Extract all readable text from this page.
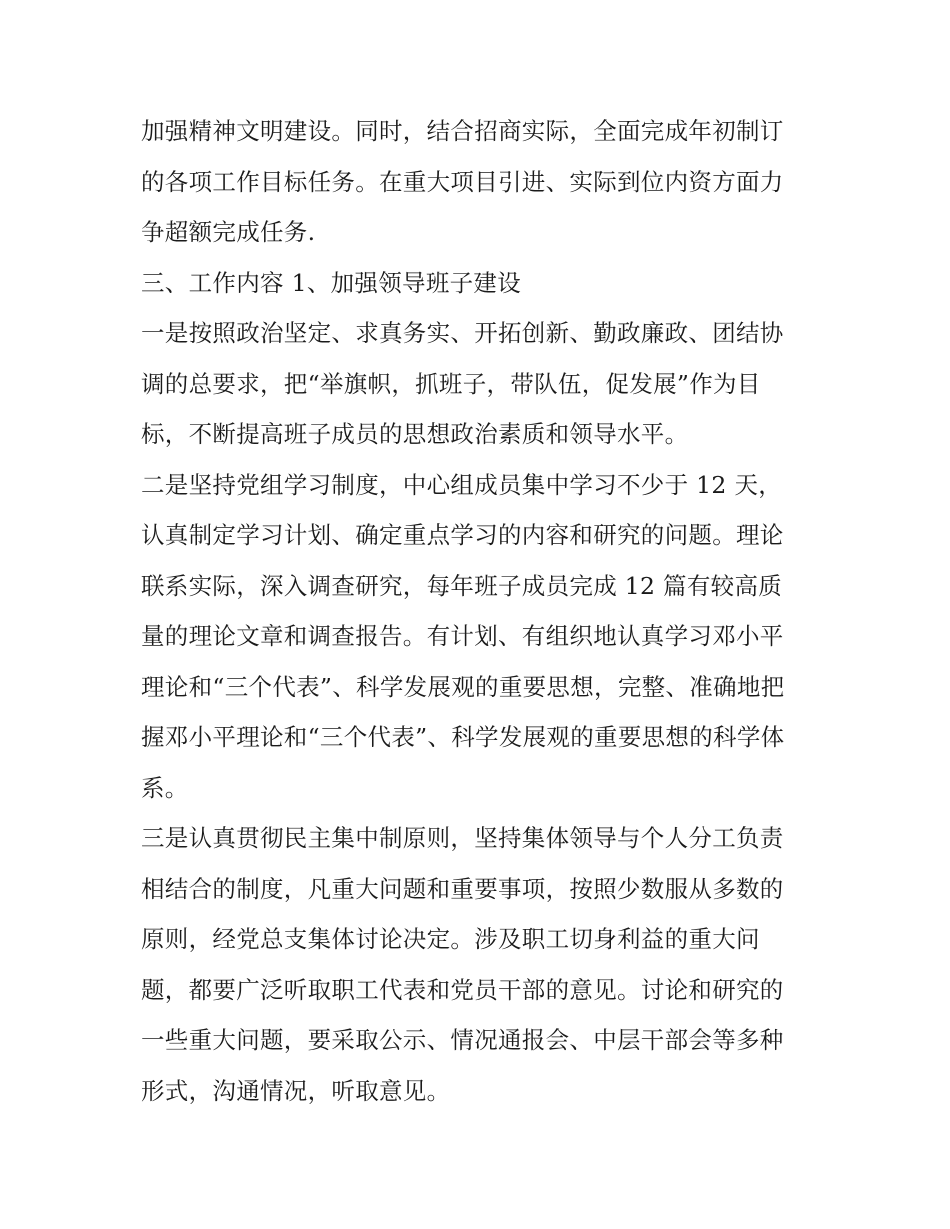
加强精神文明建设。同时，结合招商实际，全面完成年初制订
的各项工作目标任务。在重大项目引进、实际到位内资方面力
争超额完成任务.
三、工作内容 1、加强领导班子建设
一是按照政治坚定、求真务实、开拓创新、勤政廉政、团结协
调的总要求，把“举旗帜，抓班子，带队伍，促发展”作为目
标，不断提高班子成员的思想政治素质和领导水平。
二是坚持党组学习制度，中心组成员集中学习不少于 12 天，
认真制定学习计划、确定重点学习的内容和研究的问题。理论
联系实际，深入调查研究，每年班子成员完成 12 篇有较高质
量的理论文章和调查报告。有计划、有组织地认真学习邓小平
理论和“三个代表”、科学发展观的重要思想，完整、准确地把
握邓小平理论和“三个代表”、科学发展观的重要思想的科学体
系。
三是认真贯彻民主集中制原则，坚持集体领导与个人分工负责
相结合的制度，凡重大问题和重要事项，按照少数服从多数的
原则，经党总支集体讨论决定。涉及职工切身利益的重大问
题，都要广泛听取职工代表和党员干部的意见。讨论和研究的
一些重大问题，要采取公示、情况通报会、中层干部会等多种
形式，沟通情况，听取意见。
